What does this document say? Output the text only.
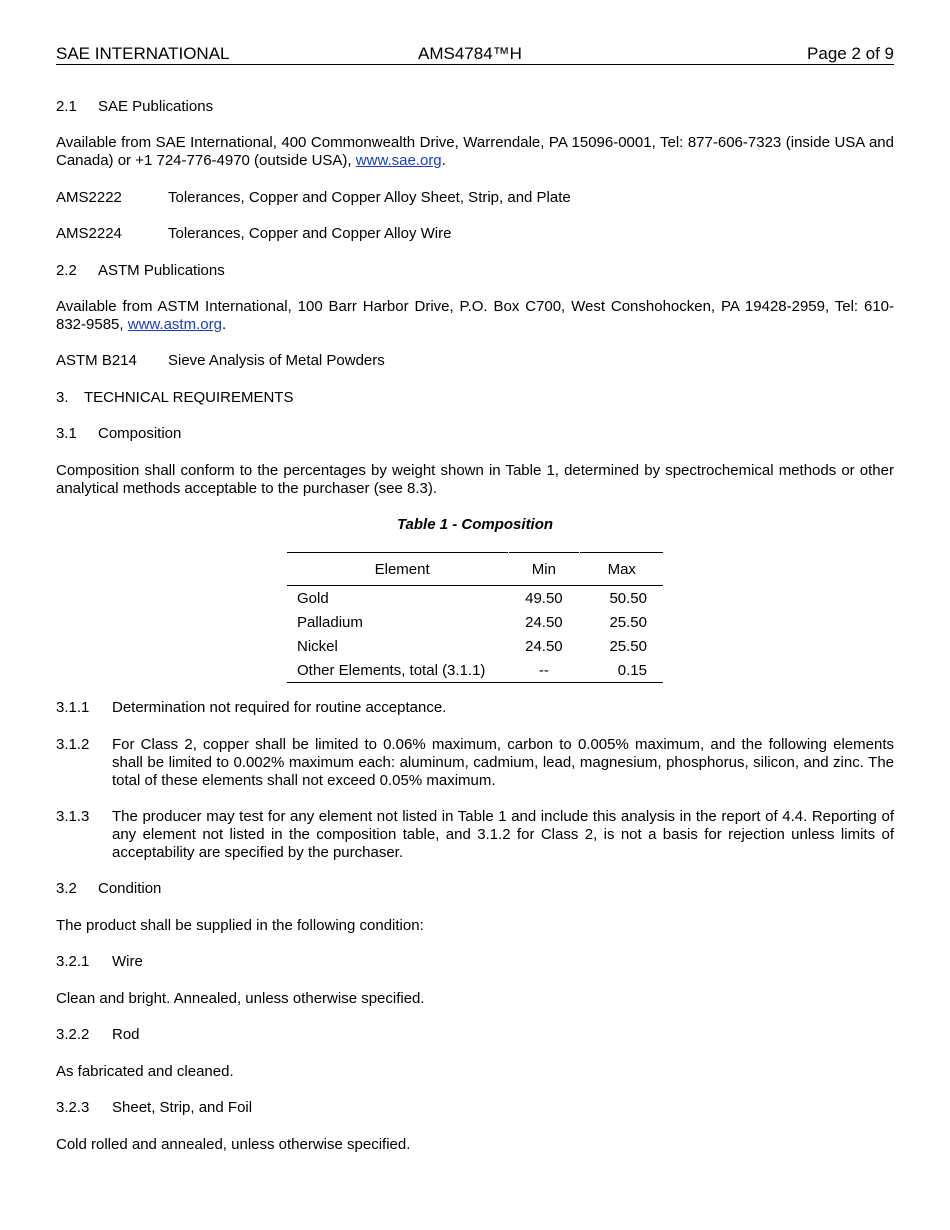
SAE INTERNATIONAL	AMS4784™H	Page 2 of 9
2.1 SAE Publications
Available from SAE International, 400 Commonwealth Drive, Warrendale, PA 15096-0001, Tel: 877-606-7323 (inside USA and Canada) or +1 724-776-4970 (outside USA), www.sae.org.
AMS2222	Tolerances, Copper and Copper Alloy Sheet, Strip, and Plate
AMS2224	Tolerances, Copper and Copper Alloy Wire
2.2 ASTM Publications
Available from ASTM International, 100 Barr Harbor Drive, P.O. Box C700, West Conshohocken, PA 19428-2959, Tel: 610-832-9585, www.astm.org.
ASTM B214 Sieve Analysis of Metal Powders
3. TECHNICAL REQUIREMENTS
3.1 Composition
Composition shall conform to the percentages by weight shown in Table 1, determined by spectrochemical methods or other analytical methods acceptable to the purchaser (see 8.3).
Table 1 - Composition
Element	Min	Max
Gold	49.50	50.50
Palladium	24.50	25.50
Nickel	24.50	25.50
Other Elements, total (3.1.1)	--	0.15
3.1.1 Determination not required for routine acceptance.
3.1.2 For Class 2, copper shall be limited to 0.06% maximum, carbon to 0.005% maximum, and the following elements shall be limited to 0.002% maximum each: aluminum, cadmium, lead, magnesium, phosphorus, silicon, and zinc. The total of these elements shall not exceed 0.05% maximum.
3.1.3 The producer may test for any element not listed in Table 1 and include this analysis in the report of 4.4. Reporting of any element not listed in the composition table, and 3.1.2 for Class 2, is not a basis for rejection unless limits of acceptability are specified by the purchaser.
3.2 Condition
The product shall be supplied in the following condition:
3.2.1 Wire
Clean and bright. Annealed, unless otherwise specified.
3.2.2 Rod
As fabricated and cleaned.
3.2.3 Sheet, Strip, and Foil
Cold rolled and annealed, unless otherwise specified.
